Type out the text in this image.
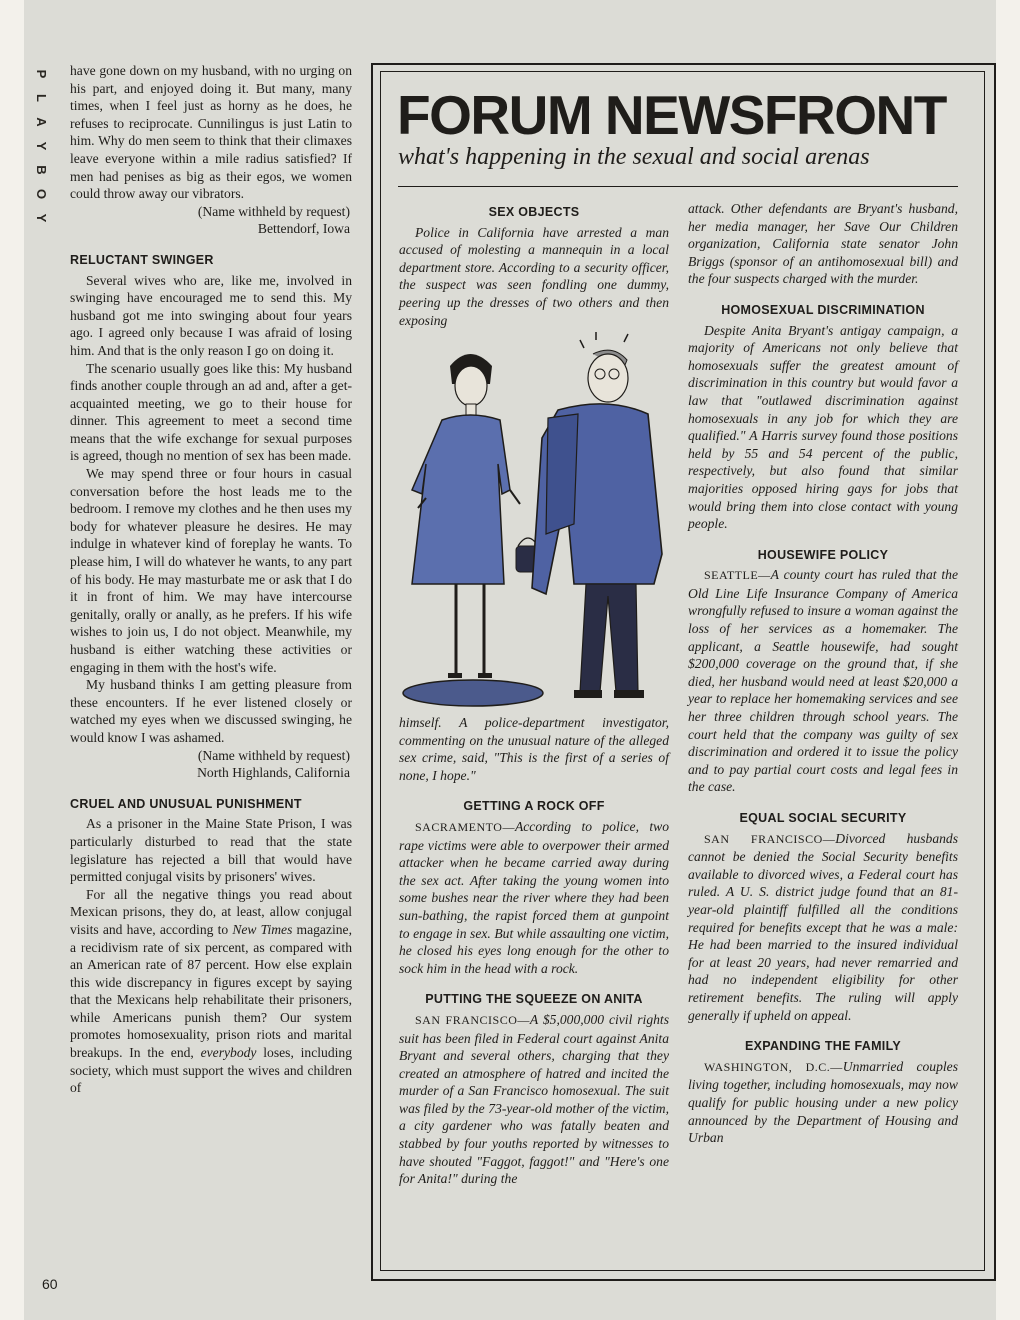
P
L
A
Y
B
O
Y

have gone down on my husband, with no urging on his part, and enjoyed doing it. But many, many times, when I feel just as horny as he does, he refuses to reciprocate. Cunnilingus is just Latin to him. Why do men seem to think that their climaxes leave everyone within a mile radius satisfied? If men had penises as big as their egos, we women could throw away our vibrators.

(Name withheld by request)
Bettendorf, Iowa
RELUCTANT SWINGER

Several wives who are, like me, involved in swinging have encouraged me to send this. My husband got me into swinging about four years ago. I agreed only because I was afraid of losing him. And that is the only reason I go on doing it.

The scenario usually goes like this: My husband finds another couple through an ad and, after a get-acquainted meeting, we go to their house for dinner. This agreement to meet a second time means that the wife exchange for sexual purposes is agreed, though no mention of sex has been made.

We may spend three or four hours in casual conversation before the host leads me to the bedroom. I remove my clothes and he then uses my body for whatever pleasure he desires. He may indulge in whatever kind of foreplay he wants. To please him, I will do whatever he wants, to any part of his body. He may masturbate me or ask that I do it in front of him. We may have intercourse genitally, orally or anally, as he prefers. If his wife wishes to join us, I do not object. Meanwhile, my husband is either watching these activities or engaging in them with the host's wife.

My husband thinks I am getting pleasure from these encounters. If he ever listened closely or watched my eyes when we discussed swinging, he would know I was ashamed.

(Name withheld by request)
North Highlands, California
CRUEL AND UNUSUAL PUNISHMENT

As a prisoner in the Maine State Prison, I was particularly disturbed to read that the state legislature has rejected a bill that would have permitted conjugal visits by prisoners' wives.

For all the negative things you read about Mexican prisons, they do, at least, allow conjugal visits and have, according to New Times magazine, a recidivism rate of six percent, as compared with an American rate of 87 percent. How else explain this wide discrepancy in figures except by saying that the Mexicans help rehabilitate their prisoners, while Americans punish them? Our system promotes homosexuality, prison riots and marital breakups. In the end, everybody loses, including society, which must support the wives and children of

60
FORUM NEWSFRONT
what's happening in the sexual and social arenas
SEX OBJECTS

Police in California have arrested a man accused of molesting a mannequin in a local department store. According to a security officer, the suspect was seen fondling one dummy, peering up the dresses of two others and then exposing

himself. A police-department investigator, commenting on the unusual nature of the alleged sex crime, said, "This is the first of a series of none, I hope."

GETTING A ROCK OFF

SACRAMENTO—According to police, two rape victims were able to overpower their armed attacker when he became carried away during the sex act. After taking the young women into some bushes near the river where they had been sun-bathing, the rapist forced them at gunpoint to engage in sex. But while assaulting one victim, he closed his eyes long enough for the other to sock him in the head with a rock.

PUTTING THE SQUEEZE ON ANITA

SAN FRANCISCO—A $5,000,000 civil rights suit has been filed in Federal court against Anita Bryant and several others, charging that they created an atmosphere of hatred and incited the murder of a San Francisco homosexual. The suit was filed by the 73-year-old mother of the victim, a city gardener who was fatally beaten and stabbed by four youths reported by witnesses to have shouted "Faggot, faggot!" and "Here's one for Anita!" during the

attack. Other defendants are Bryant's husband, her media manager, her Save Our Children organization, California state senator John Briggs (sponsor of an antihomosexual bill) and the four suspects charged with the murder.

HOMOSEXUAL DISCRIMINATION

Despite Anita Bryant's antigay campaign, a majority of Americans not only believe that homosexuals suffer the greatest amount of discrimination in this country but would favor a law that "outlawed discrimination against homosexuals in any job for which they are qualified." A Harris survey found those positions held by 55 and 54 percent of the public, respectively, but also found that similar majorities opposed hiring gays for jobs that would bring them into close contact with young people.

HOUSEWIFE POLICY

SEATTLE—A county court has ruled that the Old Line Life Insurance Company of America wrongfully refused to insure a woman against the loss of her services as a homemaker. The applicant, a Seattle housewife, had sought $200,000 coverage on the ground that, if she died, her husband would need at least $20,000 a year to replace her homemaking services and see her three children through school years. The court held that the company was guilty of sex discrimination and ordered it to issue the policy and to pay partial court costs and legal fees in the case.

EQUAL SOCIAL SECURITY

SAN FRANCISCO—Divorced husbands cannot be denied the Social Security benefits available to divorced wives, a Federal court has ruled. A U. S. district judge found that an 81-year-old plaintiff fulfilled all the conditions required for benefits except that he was a male: He had been married to the insured individual for at least 20 years, had never remarried and had no independent eligibility for other retirement benefits. The ruling will apply generally if upheld on appeal.

EXPANDING THE FAMILY

WASHINGTON, D.C.—Unmarried couples living together, including homosexuals, may now qualify for public housing under a new policy announced by the Department of Housing and Urban
